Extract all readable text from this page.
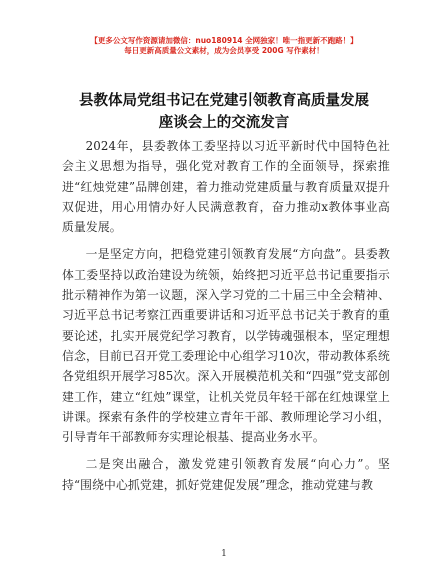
【更多公文写作资源请加微信：nuo180914 全网独家！唯一指更新不跑路！】
每日更新高质量公文素材，成为会员享受 200G 写作素材！
县教体局党组书记在党建引领教育高质量发展
座谈会上的交流发言

2024年，县委教体工委坚持以习近平新时代中国特色社会主义思想为指导，强化党对教育工作的全面领导，探索推进“红烛党建”品牌创建，着力推动党建质量与教育质量双提升双促进，用心用情办好人民满意教育，奋力推动x教体事业高质量发展。

一是坚定方向，把稳党建引领教育发展“方向盘”。县委教体工委坚持以政治建设为统领，始终把习近平总书记重要指示批示精神作为第一议题，深入学习党的二十届三中全会精神、习近平总书记考察江西重要讲话和习近平总书记关于教育的重要论述，扎实开展党纪学习教育，以学铸魂强根本，坚定理想信念，目前已召开党工委理论中心组学习10次，带动教体系统各党组织开展学习85次。深入开展模范机关和“四强”党支部创建工作，建立“红烛”课堂，让机关党员年轻干部在红烛课堂上讲课。探索有条件的学校建立青年干部、教师理论学习小组，引导青年干部教师夯实理论根基、提高业务水平。

二是突出融合，激发党建引领教育发展“向心力”。坚持“围绕中心抓党建，抓好党建促发展”理念，推动党建与教

1
